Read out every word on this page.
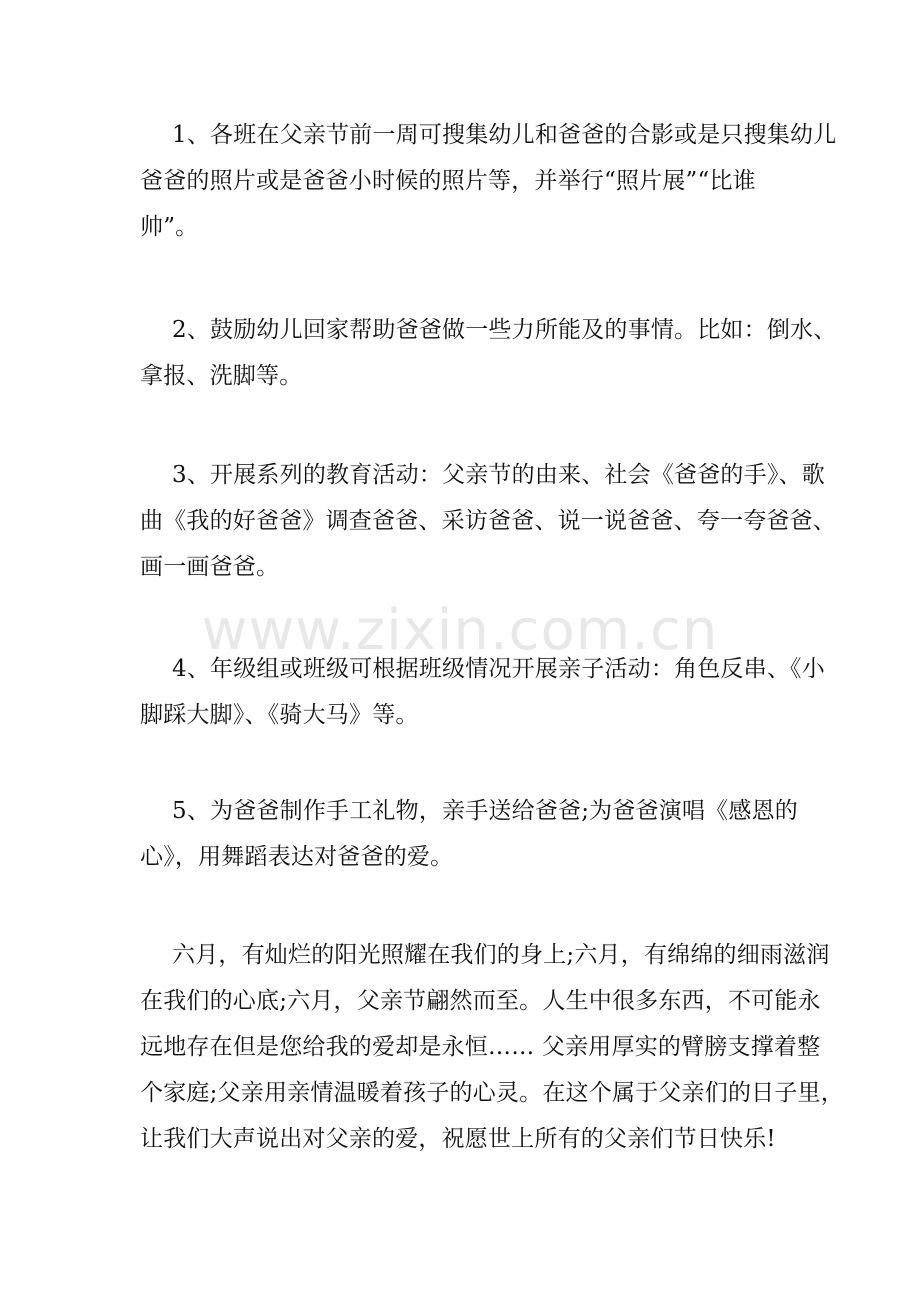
1、各班在父亲节前一周可搜集幼儿和爸爸的合影或是只搜集幼儿
爸爸的照片或是爸爸小时候的照片等，并举行“照片展”“比谁
帅”。

2、鼓励幼儿回家帮助爸爸做一些力所能及的事情。比如：倒水、
拿报、洗脚等。

3、开展系列的教育活动：父亲节的由来、社会《爸爸的手》、歌
曲《我的好爸爸》调查爸爸、采访爸爸、说一说爸爸、夸一夸爸爸、
画一画爸爸。

4、年级组或班级可根据班级情况开展亲子活动：角色反串、《小
脚踩大脚》、《骑大马》等。

5、为爸爸制作手工礼物，亲手送给爸爸;为爸爸演唱《感恩的
心》，用舞蹈表达对爸爸的爱。

六月，有灿烂的阳光照耀在我们的身上;六月，有绵绵的细雨滋润
在我们的心底;六月，父亲节翩然而至。人生中很多东西，不可能永
远地存在但是您给我的爱却是永恒…… 父亲用厚实的臂膀支撑着整
个家庭;父亲用亲情温暖着孩子的心灵。在这个属于父亲们的日子里，
让我们大声说出对父亲的爱，祝愿世上所有的父亲们节日快乐!

www.zixin.com.cn
